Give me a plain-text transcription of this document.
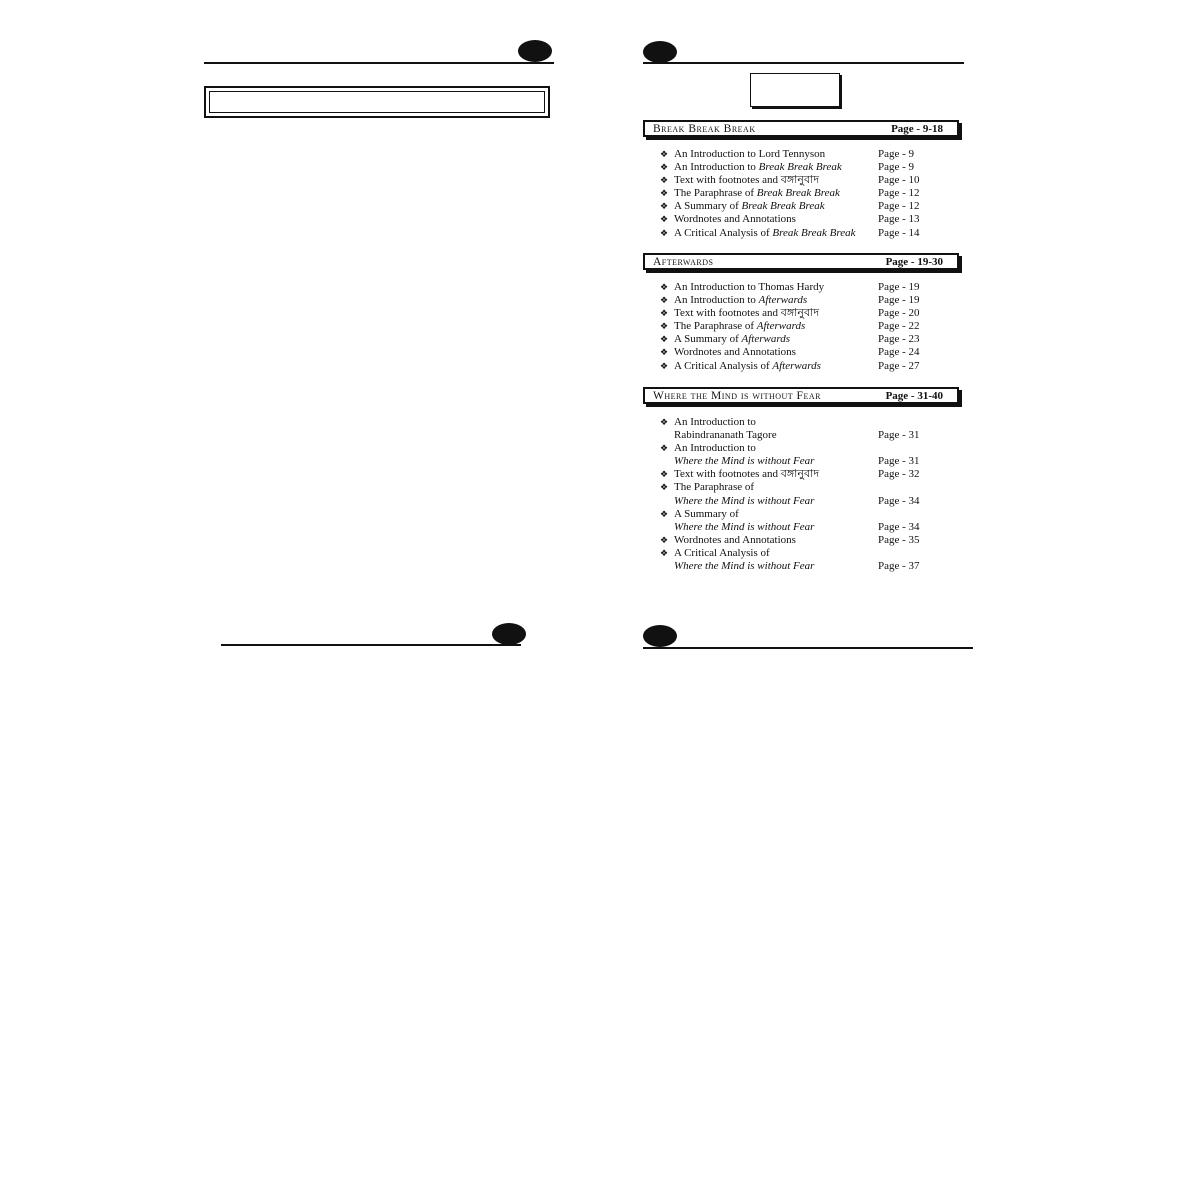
Break Break Break	Page - 9-18
❖ An Introduction to Lord Tennyson	Page - 9
❖ An Introduction to Break Break Break	Page - 9
❖ Text with footnotes and বঙ্গানুবাদ	Page - 10
❖ The Paraphrase of Break Break Break	Page - 12
❖ A Summary of Break Break Break	Page - 12
❖ Wordnotes and Annotations	Page - 13
❖ A Critical Analysis of Break Break Break Page - 14
Afterwards	Page - 19-30
❖ An Introduction to Thomas Hardy	Page - 19
❖ An Introduction to Afterwards	Page - 19
❖ Text with footnotes and বঙ্গানুবাদ	Page - 20
❖ The Paraphrase of Afterwards	Page - 22
❖ A Summary of Afterwards	Page - 23
❖ Wordnotes and Annotations	Page - 24
❖ A Critical Analysis of Afterwards	Page - 27
Where the Mind is without Fear	Page - 31-40
❖ An Introduction to
Rabindrananath Tagore	Page - 31
❖ An Introduction to
Where the Mind is without Fear	Page - 31
❖ Text with footnotes and বঙ্গানুবাদ	Page - 32
❖ The Paraphrase of
Where the Mind is without Fear	Page - 34
❖ A Summary of
Where the Mind is without Fear	Page - 34
❖ Wordnotes and Annotations	Page - 35
❖ A Critical Analysis of
Where the Mind is without Fear	Page - 37
